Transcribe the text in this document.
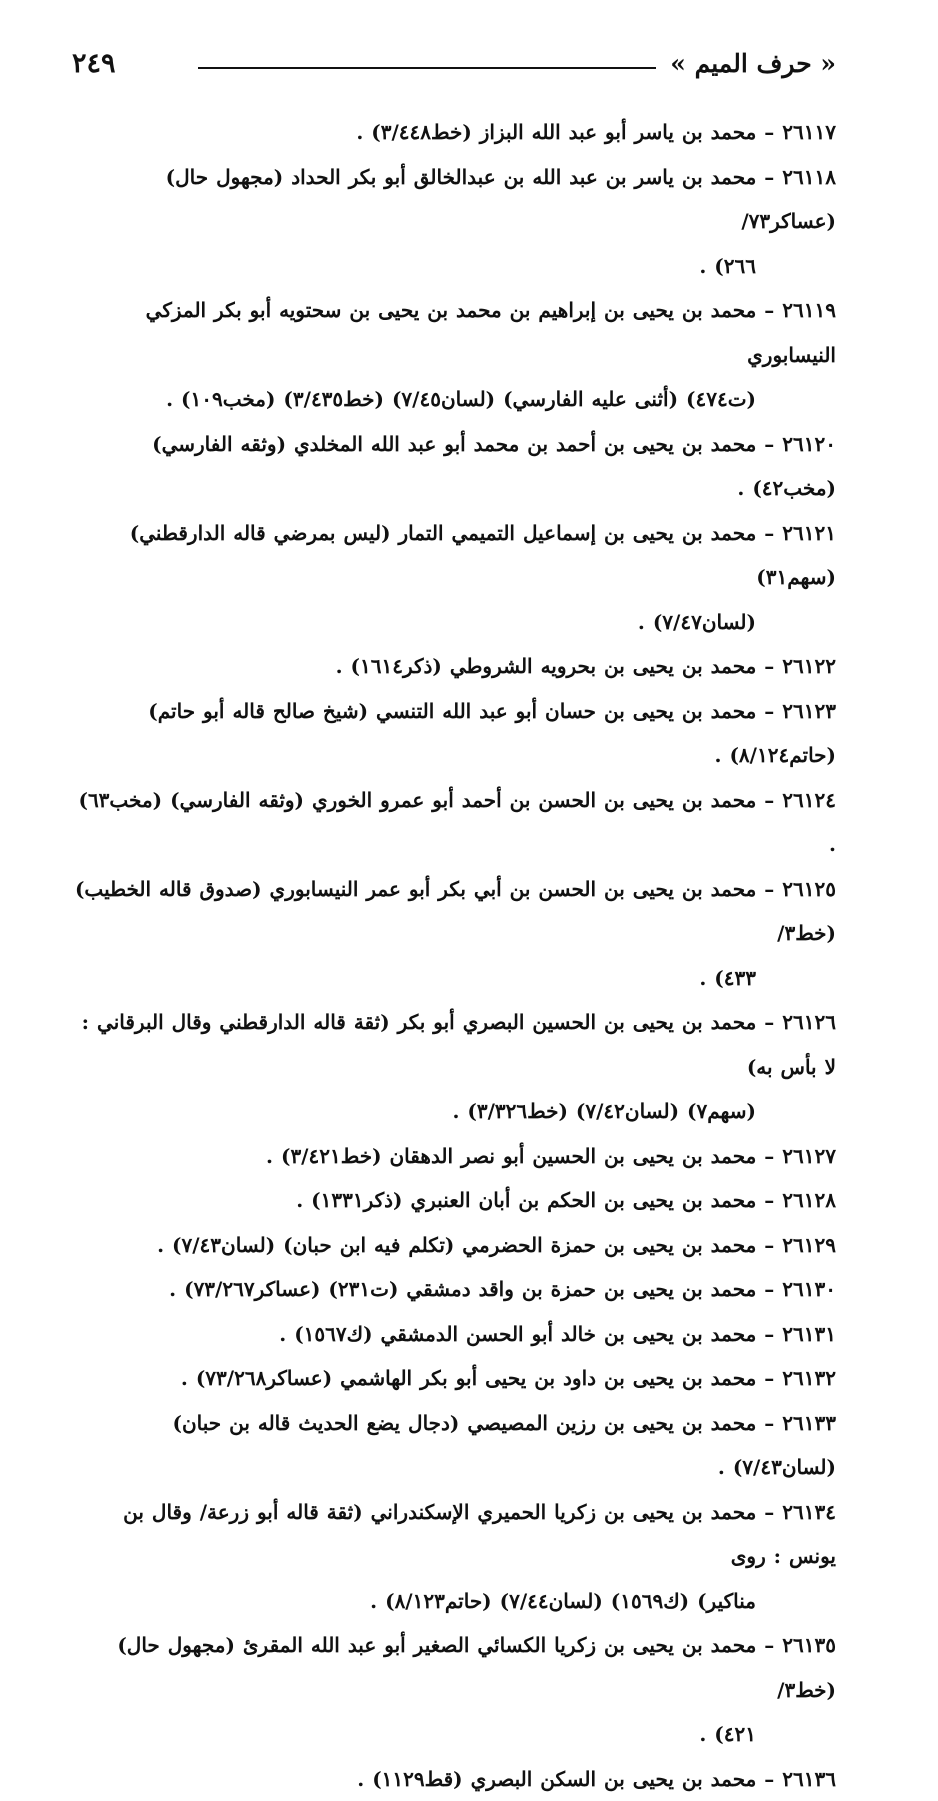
٢٤٩	« حرف الميم »

٢٦١١٧ – محمد بن ياسر أبو عبد الله البزاز (خط٣/٤٤٨) .

٢٦١١٨ – محمد بن ياسر بن عبد الله بن عبدالخالق أبو بكر الحداد (مجهول حال) (عساكر٧٣/
٢٦٦) .

٢٦١١٩ – محمد بن يحيى بن إبراهيم بن محمد بن يحيى بن سحتويه أبو بكر المزكي النيسابوري
(ت٤٧٤) (أثنى عليه الفارسي) (لسان٧/٤٥) (خط٣/٤٣٥) (مخب١٠٩) .

٢٦١٢٠ – محمد بن يحيى بن أحمد بن محمد أبو عبد الله المخلدي (وثقه الفارسي) (مخب٤٢) .

٢٦١٢١ – محمد بن يحيى بن إسماعيل التميمي التمار (ليس بمرضي قاله الدارقطني) (سهم٣١)
(لسان٧/٤٧) .

٢٦١٢٢ – محمد بن يحيى بن بحرويه الشروطي (ذكر١٦١٤) .

٢٦١٢٣ – محمد بن يحيى بن حسان أبو عبد الله التنسي (شيخ صالح قاله أبو حاتم) (حاتم٨/١٢٤) .

٢٦١٢٤ – محمد بن يحيى بن الحسن بن أحمد أبو عمرو الخوري (وثقه الفارسي) (مخب٦٣) .

٢٦١٢٥ – محمد بن يحيى بن الحسن بن أبي بكر أبو عمر النيسابوري (صدوق قاله الخطيب) (خط٣/
٤٣٣) .

٢٦١٢٦ – محمد بن يحيى بن الحسين البصري أبو بكر (ثقة قاله الدارقطني وقال البرقاني : لا بأس به)
(سهم٧) (لسان٧/٤٢) (خط٣/٣٢٦) .

٢٦١٢٧ – محمد بن يحيى بن الحسين أبو نصر الدهقان (خط٣/٤٢١) .

٢٦١٢٨ – محمد بن يحيى بن الحكم بن أبان العنبري (ذكر١٣٣١) .

٢٦١٢٩ – محمد بن يحيى بن حمزة الحضرمي (تكلم فيه ابن حبان) (لسان٧/٤٣) .

٢٦١٣٠ – محمد بن يحيى بن حمزة بن واقد دمشقي (ت٢٣١) (عساكر٧٣/٢٦٧) .

٢٦١٣١ – محمد بن يحيى بن خالد أبو الحسن الدمشقي (ك١٥٦٧) .

٢٦١٣٢ – محمد بن يحيى بن داود بن يحيى أبو بكر الهاشمي (عساكر٧٣/٢٦٨) .

٢٦١٣٣ – محمد بن يحيى بن رزين المصيصي (دجال يضع الحديث قاله بن حبان) (لسان٧/٤٣) .

٢٦١٣٤ – محمد بن يحيى بن زكريا الحميري الإسكندراني (ثقة قاله أبو زرعة/ وقال بن يونس : روى
مناكير) (ك١٥٦٩) (لسان٧/٤٤) (حاتم٨/١٢٣) .

٢٦١٣٥ – محمد بن يحيى بن زكريا الكسائي الصغير أبو عبد الله المقرئ (مجهول حال) (خط٣/
٤٢١) .

٢٦١٣٦ – محمد بن يحيى بن السكن البصري (قط١١٢٩) .
